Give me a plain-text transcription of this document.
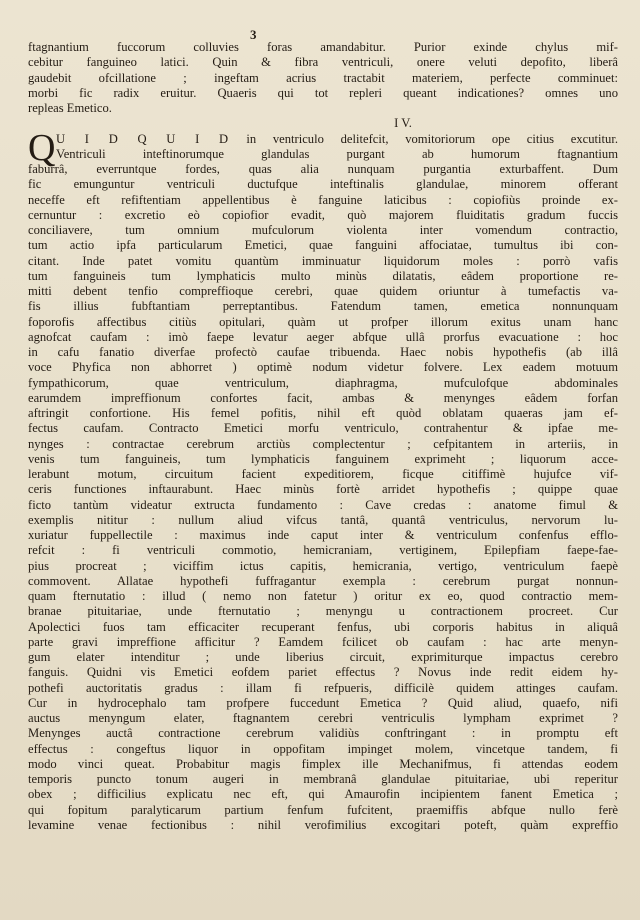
3
ftagnantium fuccorum colluvies foras amandabitur. Purior exinde chylus mif-
cebitur fanguineo latici. Quin & fibra ventriculi, onere veluti depofito, liberâ
gaudebit ofcillatione ; ingeftam acrius tractabit materiem, perfecte comminuet:
morbi fic radix eruitur. Quaeris qui tot repleri queant indicationes? omnes uno
repleas Emetico.
I V.
Q U I D Q U I D in ventriculo delitefcit, vomitoriorum ope citius excutitur.
Ventriculi inteftinorumque glandulas purgant ab humorum ftagnantium
faburrâ, everruntque fordes, quas alia nunquam purgantia exturbaffent. Dum
fic emunguntur ventriculi ductufque inteftinalis glandulae, minorem offerant
neceffe eft refiftentiam appellentibus è fanguine laticibus : copiofiùs proinde ex-
cernuntur : excretio eò copiofior evadit, quò majorem fluiditatis gradum fuccis
conciliavere, tum omnium mufculorum violenta inter vomendum contractio,
tum actio ipfa particularum Emetici, quae fanguini affociatae, tumultus ibi con-
citant. Inde patet vomitu quantùm imminuatur liquidorum moles : porrò vafis
tum fanguineis tum lymphaticis multo minùs dilatatis, eâdem proportione re-
mitti debent tenfio compreffioque cerebri, quae quidem oriuntur à tumefactis va-
fis illius fubftantiam perreptantibus. Fatendum tamen, emetica nonnunquam
foporofis affectibus citiùs opitulari, quàm ut profper illorum exitus unam hanc
agnofcat caufam : imò faepe levatur aeger abfque ullâ prorfus evacuatione : hoc
in cafu fanatio diverfae profectò caufae tribuenda. Haec nobis hypothefis (ab illâ
voce Phyfica non abhorret ) optimè nodum videtur folvere. Lex eadem motuum
fympathicorum, quae ventriculum, diaphragma, mufculofque abdominales
earumdem impreffionum confortes facit, ambas & menynges eâdem forfan
aftringit confortione. His femel pofitis, nihil eft quòd oblatam quaeras jam ef-
fectus caufam. Contracto Emetici morfu ventriculo, contrahentur & ipfae me-
nynges : contractae cerebrum arctiùs complectentur ; cefpitantem in arteriis, in
venis tum fanguineis, tum lymphaticis fanguinem exprimeht ; liquorum acce-
lerabunt motum, circuitum facient expeditiorem, ficque citiffimè hujufce vif-
ceris functiones inftaurabunt. Haec minùs fortè arridet hypothefis ; quippe quae
ficto tantùm videatur extructa fundamento : Cave credas : anatome fimul &
exemplis nititur : nullum aliud vifcus tantâ, quantâ ventriculus, nervorum lu-
xuriatur fuppellectile : maximus inde caput inter & ventriculum confenfus efflo-
refcit : fi ventriculi commotio, hemicraniam, vertiginem, Epilepfiam faepe-fae-
pius procreat ; viciffim ictus capitis, hemicrania, vertigo, ventriculum faepè
commovent. Allatae hypothefi fuffragantur exempla : cerebrum purgat nonnun-
quam fternutatio : illud ( nemo non fatetur ) oritur ex eo, quod contractio mem-
branae pituitariae, unde fternutatio ; menyngu u contractionem procreet. Cur
Apolectici fuos tam efficaciter recuperant fenfus, ubi corporis habitus in aliquâ
parte gravi impreffione afficitur ? Eamdem fcilicet ob caufam : hac arte menyn-
gum elater intenditur ; unde liberius circuit, exprimiturque impactus cerebro
fanguis. Quidni vis Emetici eofdem pariet effectus ? Novus inde redit eidem hy-
pothefi auctoritatis gradus : illam fi refpueris, difficilè quidem attinges caufam.
Cur in hydrocephalo tam profpere fuccedunt Emetica ? Quid aliud, quaefo, nifi
auctus menyngum elater, ftagnantem cerebri ventriculis lympham exprimet ?
Menynges auctâ contractione cerebrum validiùs conftringant : in promptu eft
effectus : congeftus liquor in oppofitam impinget molem, vincetque tandem, fi
modo vinci queat. Probabitur magis fimplex ille Mechanifmus, fi attendas eodem
temporis puncto tonum augeri in membranâ glandulae pituitariae, ubi reperitur
obex ; difficilius explicatu nec eft, qui Amaurofin incipientem fanent Emetica ;
qui fopitum paralyticarum partium fenfum fufcitent, praemiffis abfque nullo ferè
levamine venae fectionibus : nihil verofimilius excogitari poteft, quàm expreffio
